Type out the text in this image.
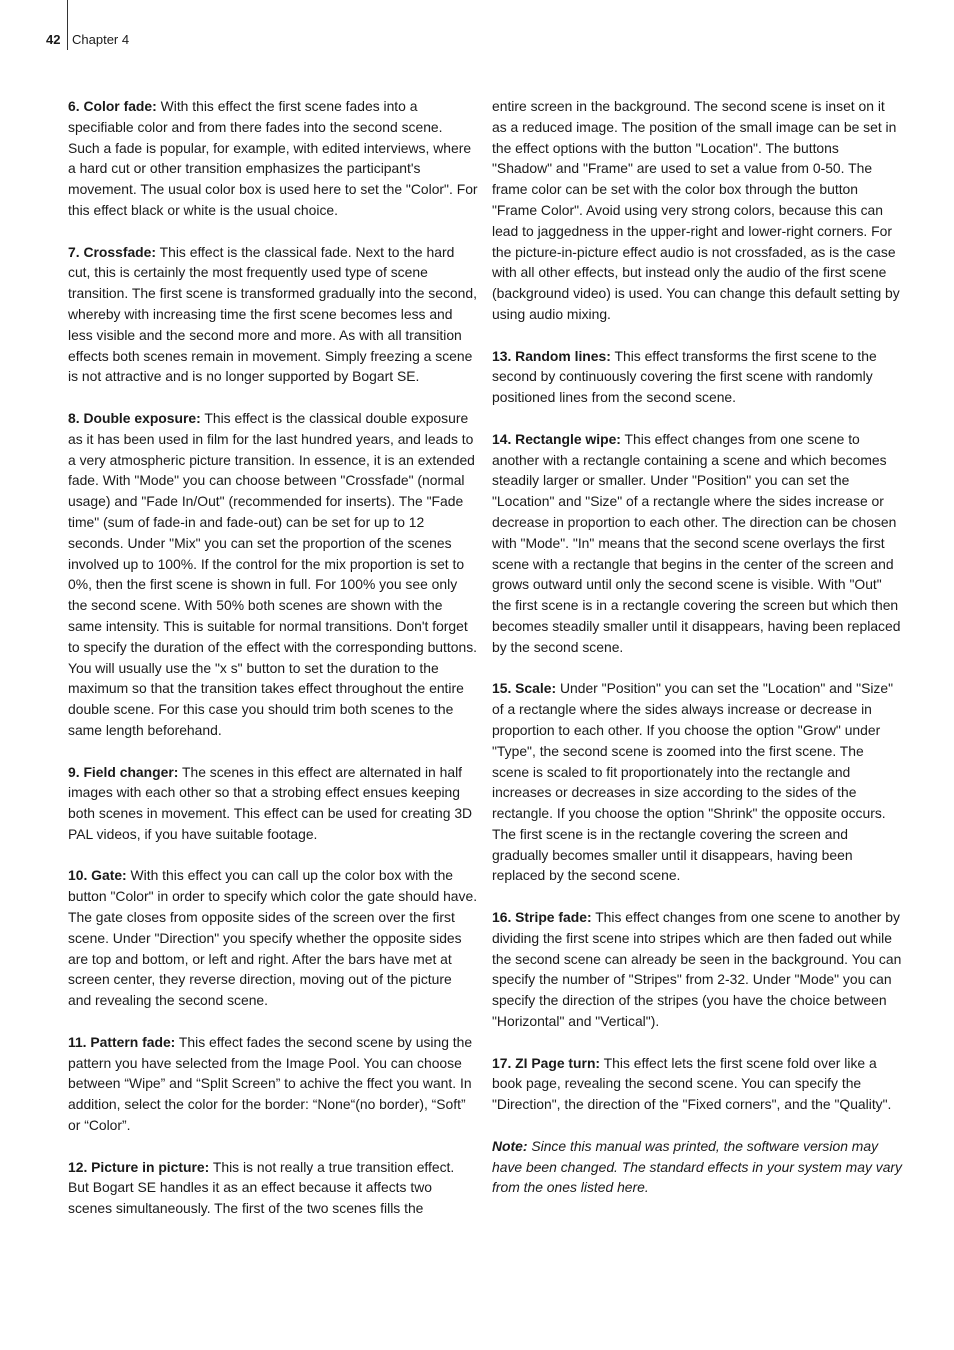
42 Chapter 4

6. Color fade: With this effect the first scene fades into a specifiable color and from there fades into the second scene. Such a fade is popular, for example, with edited interviews, where a hard cut or other transition emphasizes the participant's movement. The usual color box is used here to set the "Color". For this effect black or white is the usual choice.

7. Crossfade: This effect is the classical fade. Next to the hard cut, this is certainly the most frequently used type of scene transition. The first scene is transformed gradually into the second, whereby with increasing time the first scene becomes less and less visible and the second more and more. As with all transition effects both scenes remain in movement. Simply freezing a scene is not attractive and is no longer supported by Bogart SE.

8. Double exposure: This effect is the classical double exposure as it has been used in film for the last hundred years, and leads to a very atmospheric picture transition. In essence, it is an extended fade. With "Mode" you can choose between "Crossfade" (normal usage) and "Fade In/Out" (recommended for inserts). The "Fade time" (sum of fade-in and fade-out) can be set for up to 12 seconds. Under "Mix" you can set the proportion of the scenes involved up to 100%. If the control for the mix proportion is set to 0%, then the first scene is shown in full. For 100% you see only the second scene. With 50% both scenes are shown with the same intensity. This is suitable for normal transitions. Don't forget to specify the duration of the effect with the corresponding buttons. You will usually use the "x s" button to set the duration to the maximum so that the transition takes effect throughout the entire double scene. For this case you should trim both scenes to the same length beforehand.

9. Field changer: The scenes in this effect are alternated in half images with each other so that a strobing effect ensues keeping both scenes in movement. This effect can be used for creating 3D PAL videos, if you have suitable footage.

10. Gate: With this effect you can call up the color box with the button "Color" in order to specify which color the gate should have. The gate closes from opposite sides of the screen over the first scene. Under "Direction" you specify whether the opposite sides are top and bottom, or left and right. After the bars have met at screen center, they reverse direction, moving out of the picture and revealing the second scene.

11. Pattern fade: This effect fades the second scene by using the pattern you have selected from the Image Pool. You can choose between “Wipe” and “Split Screen” to achive the ffect you want. In addition, select the color for the border: “None“(no border), “Soft” or “Color”.

12. Picture in picture: This is not really a true transition effect. But Bogart SE handles it as an effect because it affects two scenes simultaneously. The first of the two scenes fills the

entire screen in the background. The second scene is inset on it as a reduced image. The position of the small image can be set in the effect options with the button "Location". The buttons "Shadow" and "Frame" are used to set a value from 0-50. The frame color can be set with the color box through the button "Frame Color". Avoid using very strong colors, because this can lead to jaggedness in the upper-right and lower-right corners. For the picture-in-picture effect audio is not crossfaded, as is the case with all other effects, but instead only the audio of the first scene (background video) is used. You can change this default setting by using audio mixing.

13. Random lines: This effect transforms the first scene to the second by continuously covering the first scene with randomly positioned lines from the second scene.

14. Rectangle wipe: This effect changes from one scene to another with a rectangle containing a scene and which becomes steadily larger or smaller. Under "Position" you can set the "Location" and "Size" of a rectangle where the sides increase or decrease in proportion to each other. The direction can be chosen with "Mode". "In" means that the second scene overlays the first scene with a rectangle that begins in the center of the screen and grows outward until only the second scene is visible. With "Out" the first scene is in a rectangle covering the screen but which then becomes steadily smaller until it disappears, having been replaced by the second scene.

15. Scale: Under "Position" you can set the "Location" and "Size" of a rectangle where the sides always increase or decrease in proportion to each other. If you choose the option "Grow" under "Type", the second scene is zoomed into the first scene. The scene is scaled to fit proportionately into the rectangle and increases or decreases in size according to the sides of the rectangle. If you choose the option "Shrink" the opposite occurs. The first scene is in the rectangle covering the screen and gradually becomes smaller until it disappears, having been replaced by the second scene.

16. Stripe fade: This effect changes from one scene to another by dividing the first scene into stripes which are then faded out while the second scene can already be seen in the background. You can specify the number of "Stripes" from 2-32. Under "Mode" you can specify the direction of the stripes (you have the choice between "Horizontal" and "Vertical").

17. ZI Page turn: This effect lets the first scene fold over like a book page, revealing the second scene. You can specify the "Direction", the direction of the "Fixed corners", and the "Quality".

Note: Since this manual was printed, the software version may have been changed. The standard effects in your system may vary from the ones listed here.
